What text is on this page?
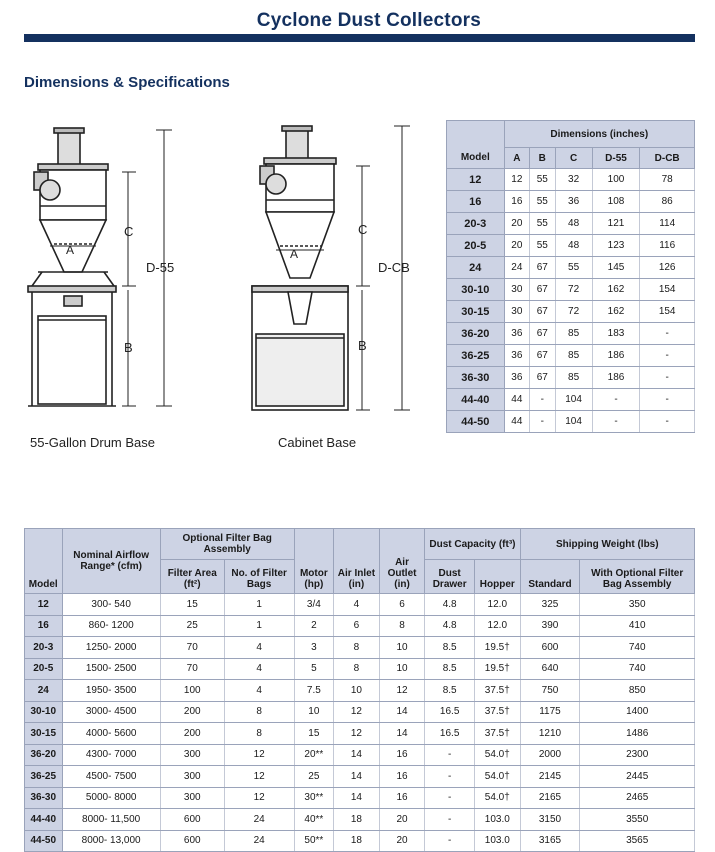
Cyclone Dust Collectors
Dimensions & Specifications
C
B
D-55
A
55-Gallon Drum Base
C
B
D-CB
A
Cabinet Base
	Dimensions (inches)				
Model	A	B	C	D-55	D-CB
12	12	55	32	100	78
16	16	55	36	108	86
20-3	20	55	48	121	114
20-5	20	55	48	123	116
24	24	67	55	145	126
30-10	30	67	72	162	154
30-15	30	67	72	162	154
36-20	36	67	85	183	-
36-25	36	67	85	186	-
36-30	36	67	85	186	-
44-40	44	-	104	-	-
44-50	44	-	104	-	-
Model	Nominal Airflow Range* (cfm)	Optional Filter Bag Assembly		Motor (hp)	Air Inlet (in)	Air Outlet (in)	Dust Capacity (ft³)		Shipping Weight (lbs)	
		Filter Area (ft²)	No. of Filter Bags				Dust Drawer	Hopper	Standard	With Optional Filter Bag Assembly
12	300- 540	15	1	3/4	4	6	4.8	12.0	325	350
16	860- 1200	25	1	2	6	8	4.8	12.0	390	410
20-3	1250- 2000	70	4	3	8	10	8.5	19.5†	600	740
20-5	1500- 2500	70	4	5	8	10	8.5	19.5†	640	740
24	1950- 3500	100	4	7.5	10	12	8.5	37.5†	750	850
30-10	3000- 4500	200	8	10	12	14	16.5	37.5†	1175	1400
30-15	4000- 5600	200	8	15	12	14	16.5	37.5†	1210	1486
36-20	4300- 7000	300	12	20**	14	16	-	54.0†	2000	2300
36-25	4500- 7500	300	12	25	14	16	-	54.0†	2145	2445
36-30	5000- 8000	300	12	30**	14	16	-	54.0†	2165	2465
44-40	8000- 11,500	600	24	40**	18	20	-	103.0	3150	3550
44-50	8000- 13,000	600	24	50**	18	20	-	103.0	3165	3565
